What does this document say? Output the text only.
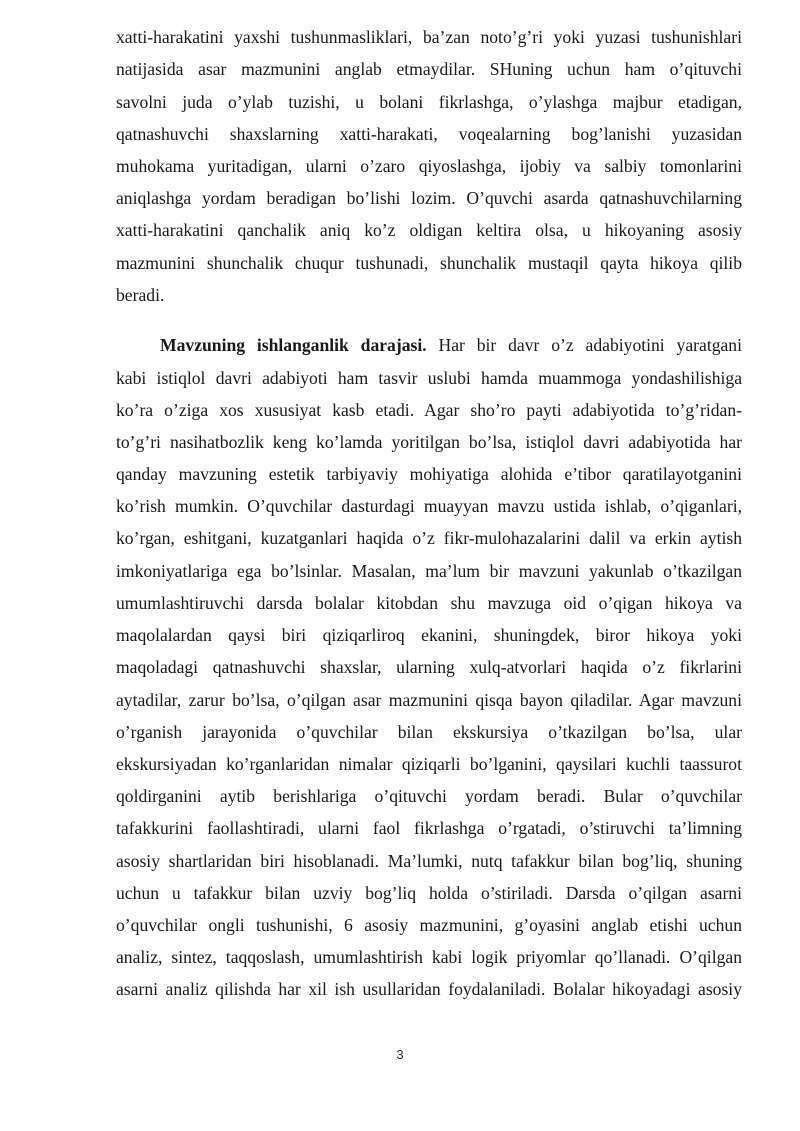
xatti-harakatini yaxshi tushunmasliklari, ba’zan noto’g’ri yoki yuzasi tushunishlari
natijasida asar mazmunini anglab etmaydilar. SHuning uchun ham o’qituvchi
savolni juda o’ylab tuzishi, u bolani fikrlashga, o’ylashga majbur etadigan,
qatnashuvchi shaxslarning xatti-harakati, voqealarning bog’lanishi yuzasidan
muhokama yuritadigan, ularni o’zaro qiyoslashga, ijobiy va salbiy tomonlarini
aniqlashga yordam beradigan bo’lishi lozim. O’quvchi asarda qatnashuvchilarning
xatti-harakatini qanchalik aniq ko’z oldigan keltira olsa, u hikoyaning asosiy
mazmunini shunchalik chuqur tushunadi, shunchalik mustaqil qayta hikoya qilib
beradi.
Mavzuning ishlanganlik darajasi. Har bir davr o’z adabiyotini yaratgani
kabi istiqlol davri adabiyoti ham tasvir uslubi hamda muammoga yondashilishiga
ko’ra o’ziga xos xususiyat kasb etadi. Agar sho’ro payti adabiyotida to’g’ridan-
to’g’ri nasihatbozlik keng ko’lamda yoritilgan bo’lsa, istiqlol davri adabiyotida har
qanday mavzuning estetik tarbiyaviy mohiyatiga alohida e’tibor qaratilayotganini
ko’rish mumkin. O’quvchilar dasturdagi muayyan mavzu ustida ishlab, o’qiganlari,
ko’rgan, eshitgani, kuzatganlari haqida o’z fikr-mulohazalarini dalil va erkin aytish
imkoniyatlariga ega bo’lsinlar. Masalan, ma’lum bir mavzuni yakunlab o’tkazilgan
umumlashtiruvchi darsda bolalar kitobdan shu mavzuga oid o’qigan hikoya va
maqolalardan qaysi biri qiziqarliroq ekanini, shuningdek, biror hikoya yoki
maqoladagi qatnashuvchi shaxslar, ularning xulq-atvorlari haqida o’z fikrlarini
aytadilar, zarur bo’lsa, o’qilgan asar mazmunini qisqa bayon qiladilar. Agar mavzuni
o’rganish jarayonida o’quvchilar bilan ekskursiya o’tkazilgan bo’lsa, ular
ekskursiyadan ko’rganlaridan nimalar qiziqarli bo’lganini, qaysilari kuchli taassurot
qoldirganini aytib berishlariga o’qituvchi yordam beradi. Bular o’quvchilar
tafakkurini faollashtiradi, ularni faol fikrlashga o’rgatadi, o’stiruvchi ta’limning
asosiy shartlaridan biri hisoblanadi. Ma’lumki, nutq tafakkur bilan bog’liq, shuning
uchun u tafakkur bilan uzviy bog’liq holda o’stiriladi. Darsda o’qilgan asarni
o’quvchilar ongli tushunishi, 6 asosiy mazmunini, g’oyasini anglab etishi uchun
analiz, sintez, taqqoslash, umumlashtirish kabi logik priyomlar qo’llanadi. O’qilgan
asarni analiz qilishda har xil ish usullaridan foydalaniladi. Bolalar hikoyadagi asosiy
3
